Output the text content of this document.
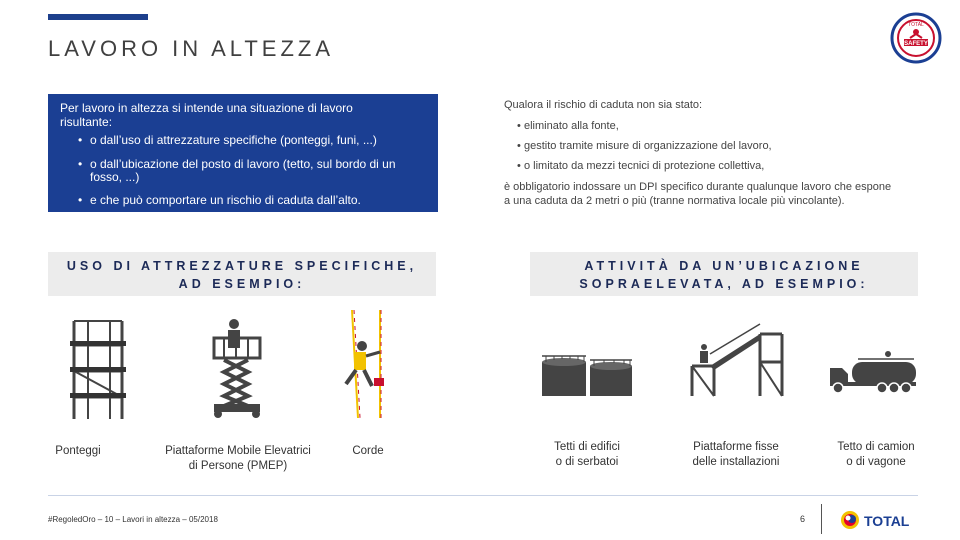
LAVORO IN ALTEZZA
TOTAL
SAFETY
Per lavoro in altezza si intende una situazione di lavoro risultante:
• o dall’uso di attrezzature specifiche (ponteggi, funi, ...)
• o dall’ubicazione del posto di lavoro (tetto, sul bordo di un fosso, ...)
• e che può comportare un rischio di caduta dall’alto.
Qualora il rischio di caduta non sia stato:
• eliminato alla fonte,
• gestito tramite misure di organizzazione del lavoro,
• o limitato da mezzi tecnici di protezione collettiva,
è obbligatorio indossare un DPI specifico durante qualunque lavoro che espone a una caduta da 2 metri o più (tranne normativa locale più vincolante).
USO DI ATTREZZATURE SPECIFICHE,
AD ESEMPIO:
ATTIVITÀ DA UN’UBICAZIONE
SOPRAELEVATA, AD ESEMPIO:
Ponteggi	Piattaforme Mobile Elevatrici
di Persone (PMEP)
Corde	Tetti di edifici
o di serbatoi
Piattaforme fisse
delle installazioni
Tetto di camion
o di vagone
#RegoledOro – 10 – Lavori in altezza – 05/2018	6	TOTAL
